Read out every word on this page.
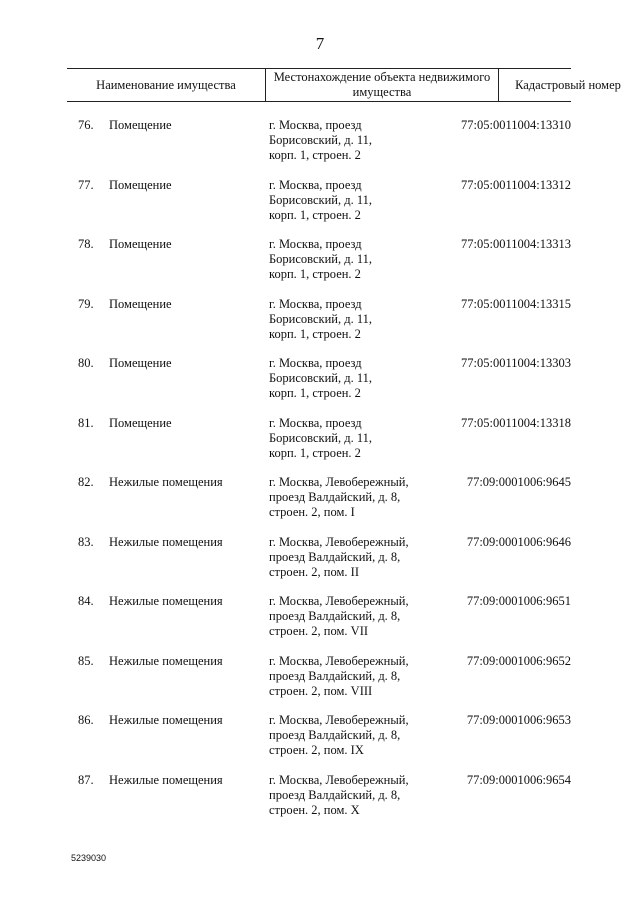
7
Наименование имущества
Местонахождение объекта недвижимого имущества
Кадастровый номер
76.	Помещение	г. Москва, проезд
Борисовский, д. 11,
корп. 1, строен. 2
77:05:0011004:13310
77.	Помещение	г. Москва, проезд
Борисовский, д. 11,
корп. 1, строен. 2
77:05:0011004:13312
78.	Помещение	г. Москва, проезд
Борисовский, д. 11,
корп. 1, строен. 2
77:05:0011004:13313
79.	Помещение	г. Москва, проезд
Борисовский, д. 11,
корп. 1, строен. 2
77:05:0011004:13315
80.	Помещение	г. Москва, проезд
Борисовский, д. 11,
корп. 1, строен. 2
77:05:0011004:13303
81.	Помещение	г. Москва, проезд
Борисовский, д. 11,
корп. 1, строен. 2
77:05:0011004:13318
82.	Нежилые помещения	г. Москва, Левобережный,
проезд Валдайский, д. 8,
строен. 2, пом. I
77:09:0001006:9645
83.	Нежилые помещения	г. Москва, Левобережный,
проезд Валдайский, д. 8,
строен. 2, пом. II
77:09:0001006:9646
84.	Нежилые помещения	г. Москва, Левобережный,
проезд Валдайский, д. 8,
строен. 2, пом. VII
77:09:0001006:9651
85.	Нежилые помещения	г. Москва, Левобережный,
проезд Валдайский, д. 8,
строен. 2, пом. VIII
77:09:0001006:9652
86.	Нежилые помещения	г. Москва, Левобережный,
проезд Валдайский, д. 8,
строен. 2, пом. IX
77:09:0001006:9653
87.	Нежилые помещения	г. Москва, Левобережный,
проезд Валдайский, д. 8,
строен. 2, пом. X
77:09:0001006:9654
5239030
